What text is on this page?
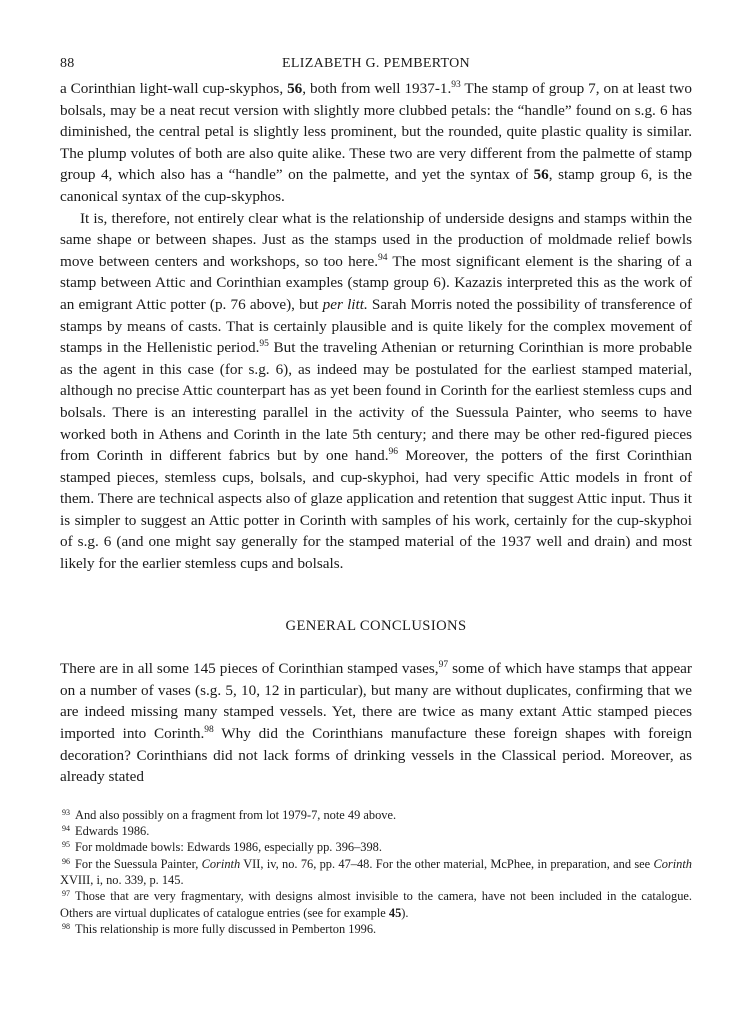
88	ELIZABETH G. PEMBERTON

a Corinthian light-wall cup-skyphos, 56, both from well 1937-1.93 The stamp of group 7, on at least two bolsals, may be a neat recut version with slightly more clubbed petals: the “handle” found on s.g. 6 has diminished, the central petal is slightly less prominent, but the rounded, quite plastic quality is similar. The plump volutes of both are also quite alike. These two are very different from the palmette of stamp group 4, which also has a “handle” on the palmette, and yet the syntax of 56, stamp group 6, is the canonical syntax of the cup-skyphos.

It is, therefore, not entirely clear what is the relationship of underside designs and stamps within the same shape or between shapes. Just as the stamps used in the production of moldmade relief bowls move between centers and workshops, so too here.$^{94}$ The most significant element is the sharing of a stamp between Attic and Corinthian examples (stamp group 6). Kazazis interpreted this as the work of an emigrant Attic potter (p. 76 above), but per litt. Sarah Morris noted the possibility of transference of stamps by means of casts. That is certainly plausible and is quite likely for the complex movement of stamps in the Hellenistic period.$^{95}$ But the traveling Athenian or returning Corinthian is more probable as the agent in this case (for s.g. 6), as indeed may be postulated for the earliest stamped material, although no precise Attic counterpart has as yet been found in Corinth for the earliest stemless cups and bolsals. There is an interesting parallel in the activity of the Suessula Painter, who seems to have worked both in Athens and Corinth in the late 5th century; and there may be other red-figured pieces from Corinth in different fabrics but by one hand.$^{96}$ Moreover, the potters of the first Corinthian stamped pieces, stemless cups, bolsals, and cup-skyphoi, had very specific Attic models in front of them. There are technical aspects also of glaze application and retention that suggest Attic input. Thus it is simpler to suggest an Attic potter in Corinth with samples of his work, certainly for the cup-skyphoi of s.g. 6 (and one might say generally for the stamped material of the 1937 well and drain) and most likely for the earlier stemless cups and bolsals.

GENERAL CONCLUSIONS

There are in all some 145 pieces of Corinthian stamped vases,$^{97}$ some of which have stamps that appear on a number of vases (s.g. 5, 10, 12 in particular), but many are without duplicates, confirming that we are indeed missing many stamped vessels. Yet, there are twice as many extant Attic stamped pieces imported into Corinth.$^{98}$ Why did the Corinthians manufacture these foreign shapes with foreign decoration? Corinthians did not lack forms of drinking vessels in the Classical period. Moreover, as already stated

$^{93}$ And also possibly on a fragment from lot 1979-7, note 49 above.

$^{94}$ Edwards 1986.

$^{95}$ For moldmade bowls: Edwards 1986, especially pp. 396–398.

$^{96}$ For the Suessula Painter, Corinth VII, iv, no. 76, pp. 47–48. For the other material, McPhee, in preparation, and see Corinth XVIII, i, no. 339, p. 145.

$^{97}$ Those that are very fragmentary, with designs almost invisible to the camera, have not been included in the catalogue. Others are virtual duplicates of catalogue entries (see for example 45).

$^{98}$ This relationship is more fully discussed in Pemberton 1996.
